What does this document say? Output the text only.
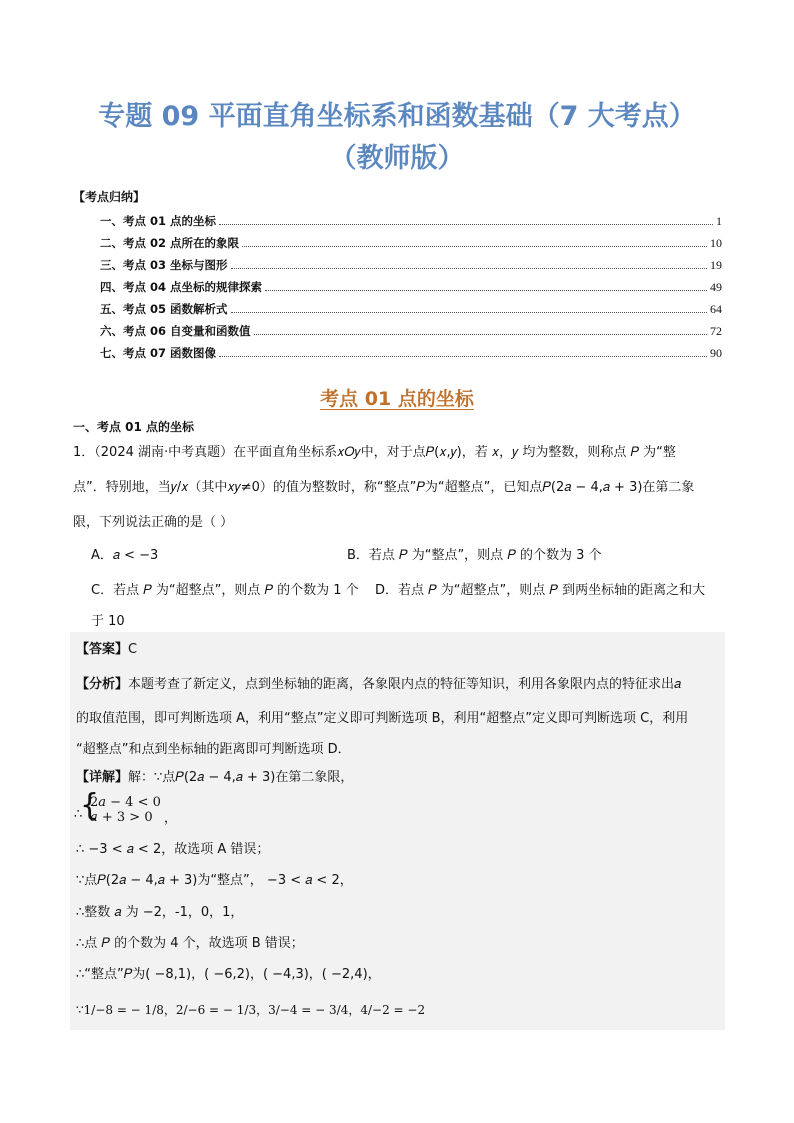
专题 09 平面直角坐标系和函数基础（7 大考点）
（教师版）
【考点归纳】
一、考点 01 点的坐标	1
二、考点 02 点所在的象限	10
三、考点 03 坐标与图形	19
四、考点 04 点坐标的规律探索	49
五、考点 05 函数解析式	64
六、考点 06 自变量和函数值	72
七、考点 07 函数图像	90
考点 01 点的坐标
一、考点 01 点的坐标
1．（2024 湖南·中考真题）在平面直角坐标系𝑥𝑂𝑦中，对于点𝑃(𝑥,𝑦)，若 𝑥，𝑦 均为整数，则称点 𝑃 为“整
点”．特别地，当𝑦/𝑥（其中𝑥𝑦≠0）的值为整数时，称“整点”𝑃为“超整点”，已知点𝑃(2𝑎 − 4,𝑎 + 3)在第二象
限，下列说法正确的是（ ）
A．𝑎 < −3	B．若点 𝑃 为“整点”，则点 𝑃 的个数为 3 个
C．若点 𝑃 为“超整点”，则点 𝑃 的个数为 1 个 D．若点 𝑃 为“超整点”，则点 𝑃 到两坐标轴的距离之和大
于 10
【答案】C
【分析】本题考查了新定义，点到坐标轴的距离，各象限内点的特征等知识，利用各象限内点的特征求出𝑎
的取值范围，即可判断选项 A，利用“整点”定义即可判断选项 B，利用“超整点”定义即可判断选项 C，利用
“超整点”和点到坐标轴的距离即可判断选项 D．
【详解】解：∵点𝑃(2𝑎 − 4,𝑎 + 3)在第二象限，
∴
{
2𝑎 − 4 < 0
𝑎 + 3 > 0 ，
∴ −3 < 𝑎 < 2，故选项 A 错误；
∵点𝑃(2𝑎 − 4,𝑎 + 3)为“整点”， −3 < 𝑎 < 2，
∴整数 𝑎 为 −2，-1，0，1，
∴点 𝑃 的个数为 4 个，故选项 B 错误；
∴“整点”𝑃为( −8,1)，( −6,2)，( −4,3)，( −2,4)，
∵1/−8 = − 1/8，2/−6 = − 1/3，3/−4 = − 3/4，4/−2 = −2
